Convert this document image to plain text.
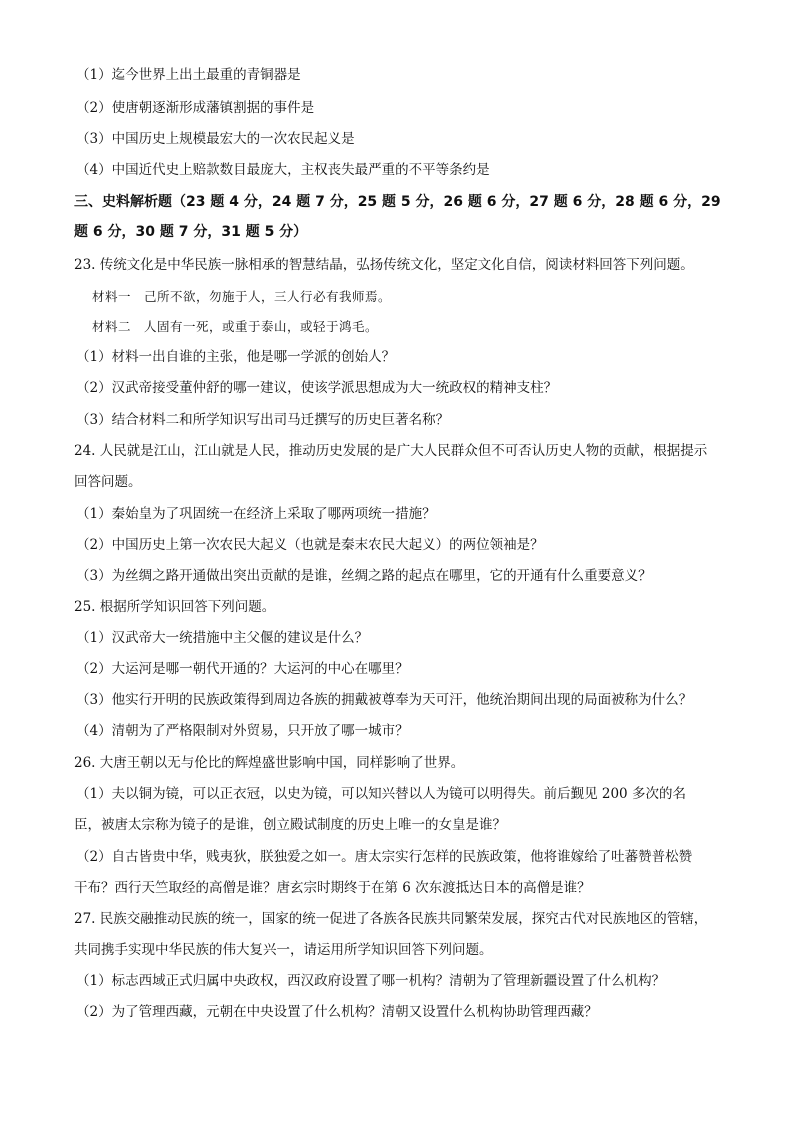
（1）迄今世界上出土最重的青铜器是
（2）使唐朝逐渐形成藩镇割据的事件是
（3）中国历史上规模最宏大的一次农民起义是
（4）中国近代史上赔款数目最庞大，主权丧失最严重的不平等条约是
三、史料解析题（23 题 4 分，24 题 7 分，25 题 5 分，26 题 6 分，27 题 6 分，28 题 6 分，29
题 6 分，30 题 7 分，31 题 5 分）
23. 传统文化是中华民族一脉相承的智慧结晶，弘扬传统文化，坚定文化自信，阅读材料回答下列问题。
材料一　己所不欲，勿施于人，三人行必有我师焉。
材料二　人固有一死，或重于泰山，或轻于鸿毛。
（1）材料一出自谁的主张，他是哪一学派的创始人？
（2）汉武帝接受董仲舒的哪一建议，使该学派思想成为大一统政权的精神支柱？
（3）结合材料二和所学知识写出司马迁撰写的历史巨著名称？
24. 人民就是江山，江山就是人民，推动历史发展的是广大人民群众但不可否认历史人物的贡献，根据提示
回答问题。
（1）秦始皇为了巩固统一在经济上采取了哪两项统一措施？
（2）中国历史上第一次农民大起义（也就是秦末农民大起义）的两位领袖是？
（3）为丝绸之路开通做出突出贡献的是谁，丝绸之路的起点在哪里，它的开通有什么重要意义？
25. 根据所学知识回答下列问题。
（1）汉武帝大一统措施中主父偃的建议是什么？
（2）大运河是哪一朝代开通的？大运河的中心在哪里？
（3）他实行开明的民族政策得到周边各族的拥戴被尊奉为天可汗，他统治期间出现的局面被称为什么？
（4）清朝为了严格限制对外贸易，只开放了哪一城市？
26. 大唐王朝以无与伦比的辉煌盛世影响中国，同样影响了世界。
（1）夫以铜为镜，可以正衣冠，以史为镜，可以知兴替以人为镜可以明得失。前后觐见 200 多次的名
臣，被唐太宗称为镜子的是谁，创立殿试制度的历史上唯一的女皇是谁？
（2）自古皆贵中华，贱夷狄，朕独爱之如一。唐太宗实行怎样的民族政策，他将谁嫁给了吐蕃赞普松赞
干布？西行天竺取经的高僧是谁？唐玄宗时期终于在第 6 次东渡抵达日本的高僧是谁？
27. 民族交融推动民族的统一，国家的统一促进了各族各民族共同繁荣发展，探究古代对民族地区的管辖，
共同携手实现中华民族的伟大复兴一，请运用所学知识回答下列问题。
（1）标志西域正式归属中央政权，西汉政府设置了哪一机构？清朝为了管理新疆设置了什么机构？
（2）为了管理西藏，元朝在中央设置了什么机构？清朝又设置什么机构协助管理西藏？
